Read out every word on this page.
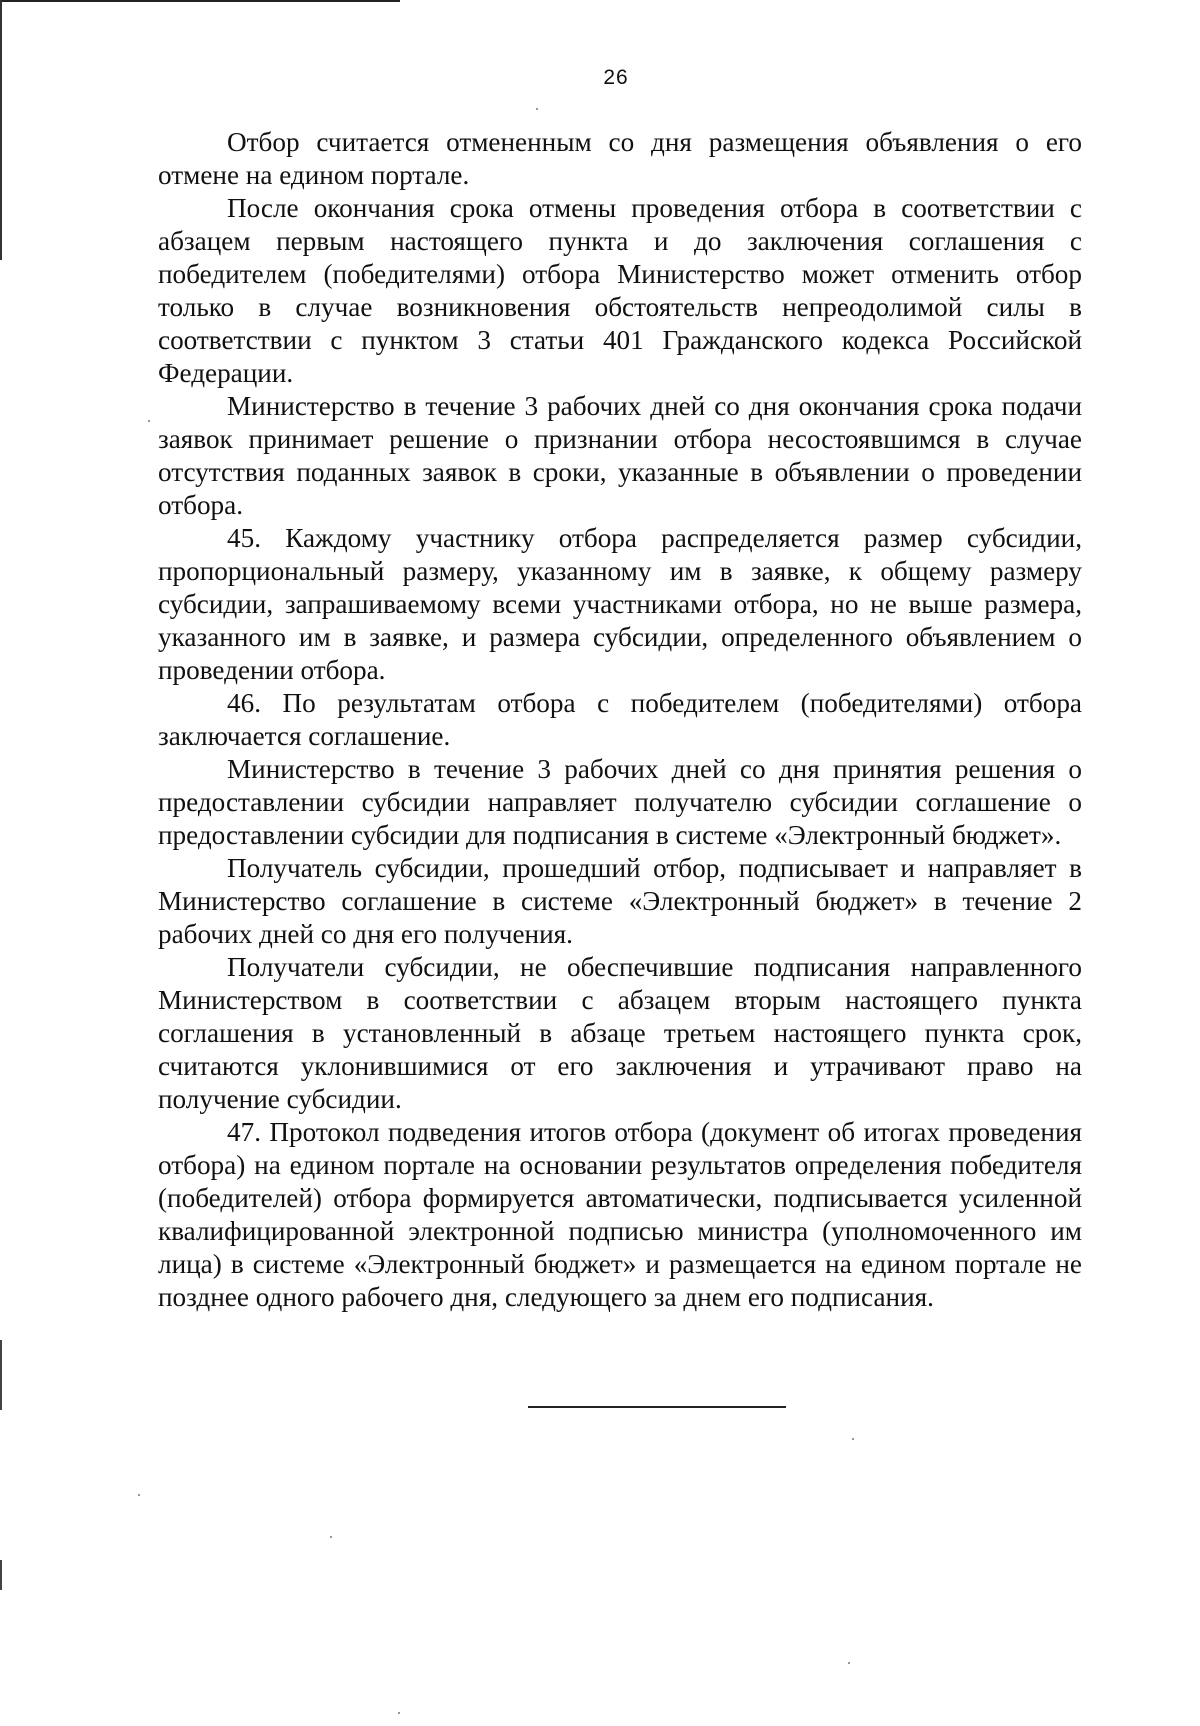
26

Отбор считается отмененным со дня размещения объявления о его отмене на едином портале.

После окончания срока отмены проведения отбора в соответствии с абзацем первым настоящего пункта и до заключения соглашения с победителем (победителями) отбора Министерство может отменить отбор только в случае возникновения обстоятельств непреодолимой силы в соответствии с пунктом 3 статьи 401 Гражданского кодекса Российской Федерации.

Министерство в течение 3 рабочих дней со дня окончания срока подачи заявок принимает решение о признании отбора несостоявшимся в случае отсутствия поданных заявок в сроки, указанные в объявлении о проведении отбора.

45. Каждому участнику отбора распределяется размер субсидии, пропорциональный размеру, указанному им в заявке, к общему размеру субсидии, запрашиваемому всеми участниками отбора, но не выше размера, указанного им в заявке, и размера субсидии, определенного объявлением о проведении отбора.

46. По результатам отбора с победителем (победителями) отбора заключается соглашение.

Министерство в течение 3 рабочих дней со дня принятия решения о предоставлении субсидии направляет получателю субсидии соглашение о предоставлении субсидии для подписания в системе «Электронный бюджет».

Получатель субсидии, прошедший отбор, подписывает и направляет в Министерство соглашение в системе «Электронный бюджет» в течение 2 рабочих дней со дня его получения.

Получатели субсидии, не обеспечившие подписания направленного Министерством в соответствии с абзацем вторым настоящего пункта соглашения в установленный в абзаце третьем настоящего пункта срок, считаются уклонившимися от его заключения и утрачивают право на получение субсидии.

47. Протокол подведения итогов отбора (документ об итогах проведения отбора) на едином портале на основании результатов определения победителя (победителей) отбора формируется автоматически, подписывается усиленной квалифицированной электронной подписью министра (уполномоченного им лица) в системе «Электронный бюджет» и размещается на едином портале не позднее одного рабочего дня, следующего за днем его подписания.
